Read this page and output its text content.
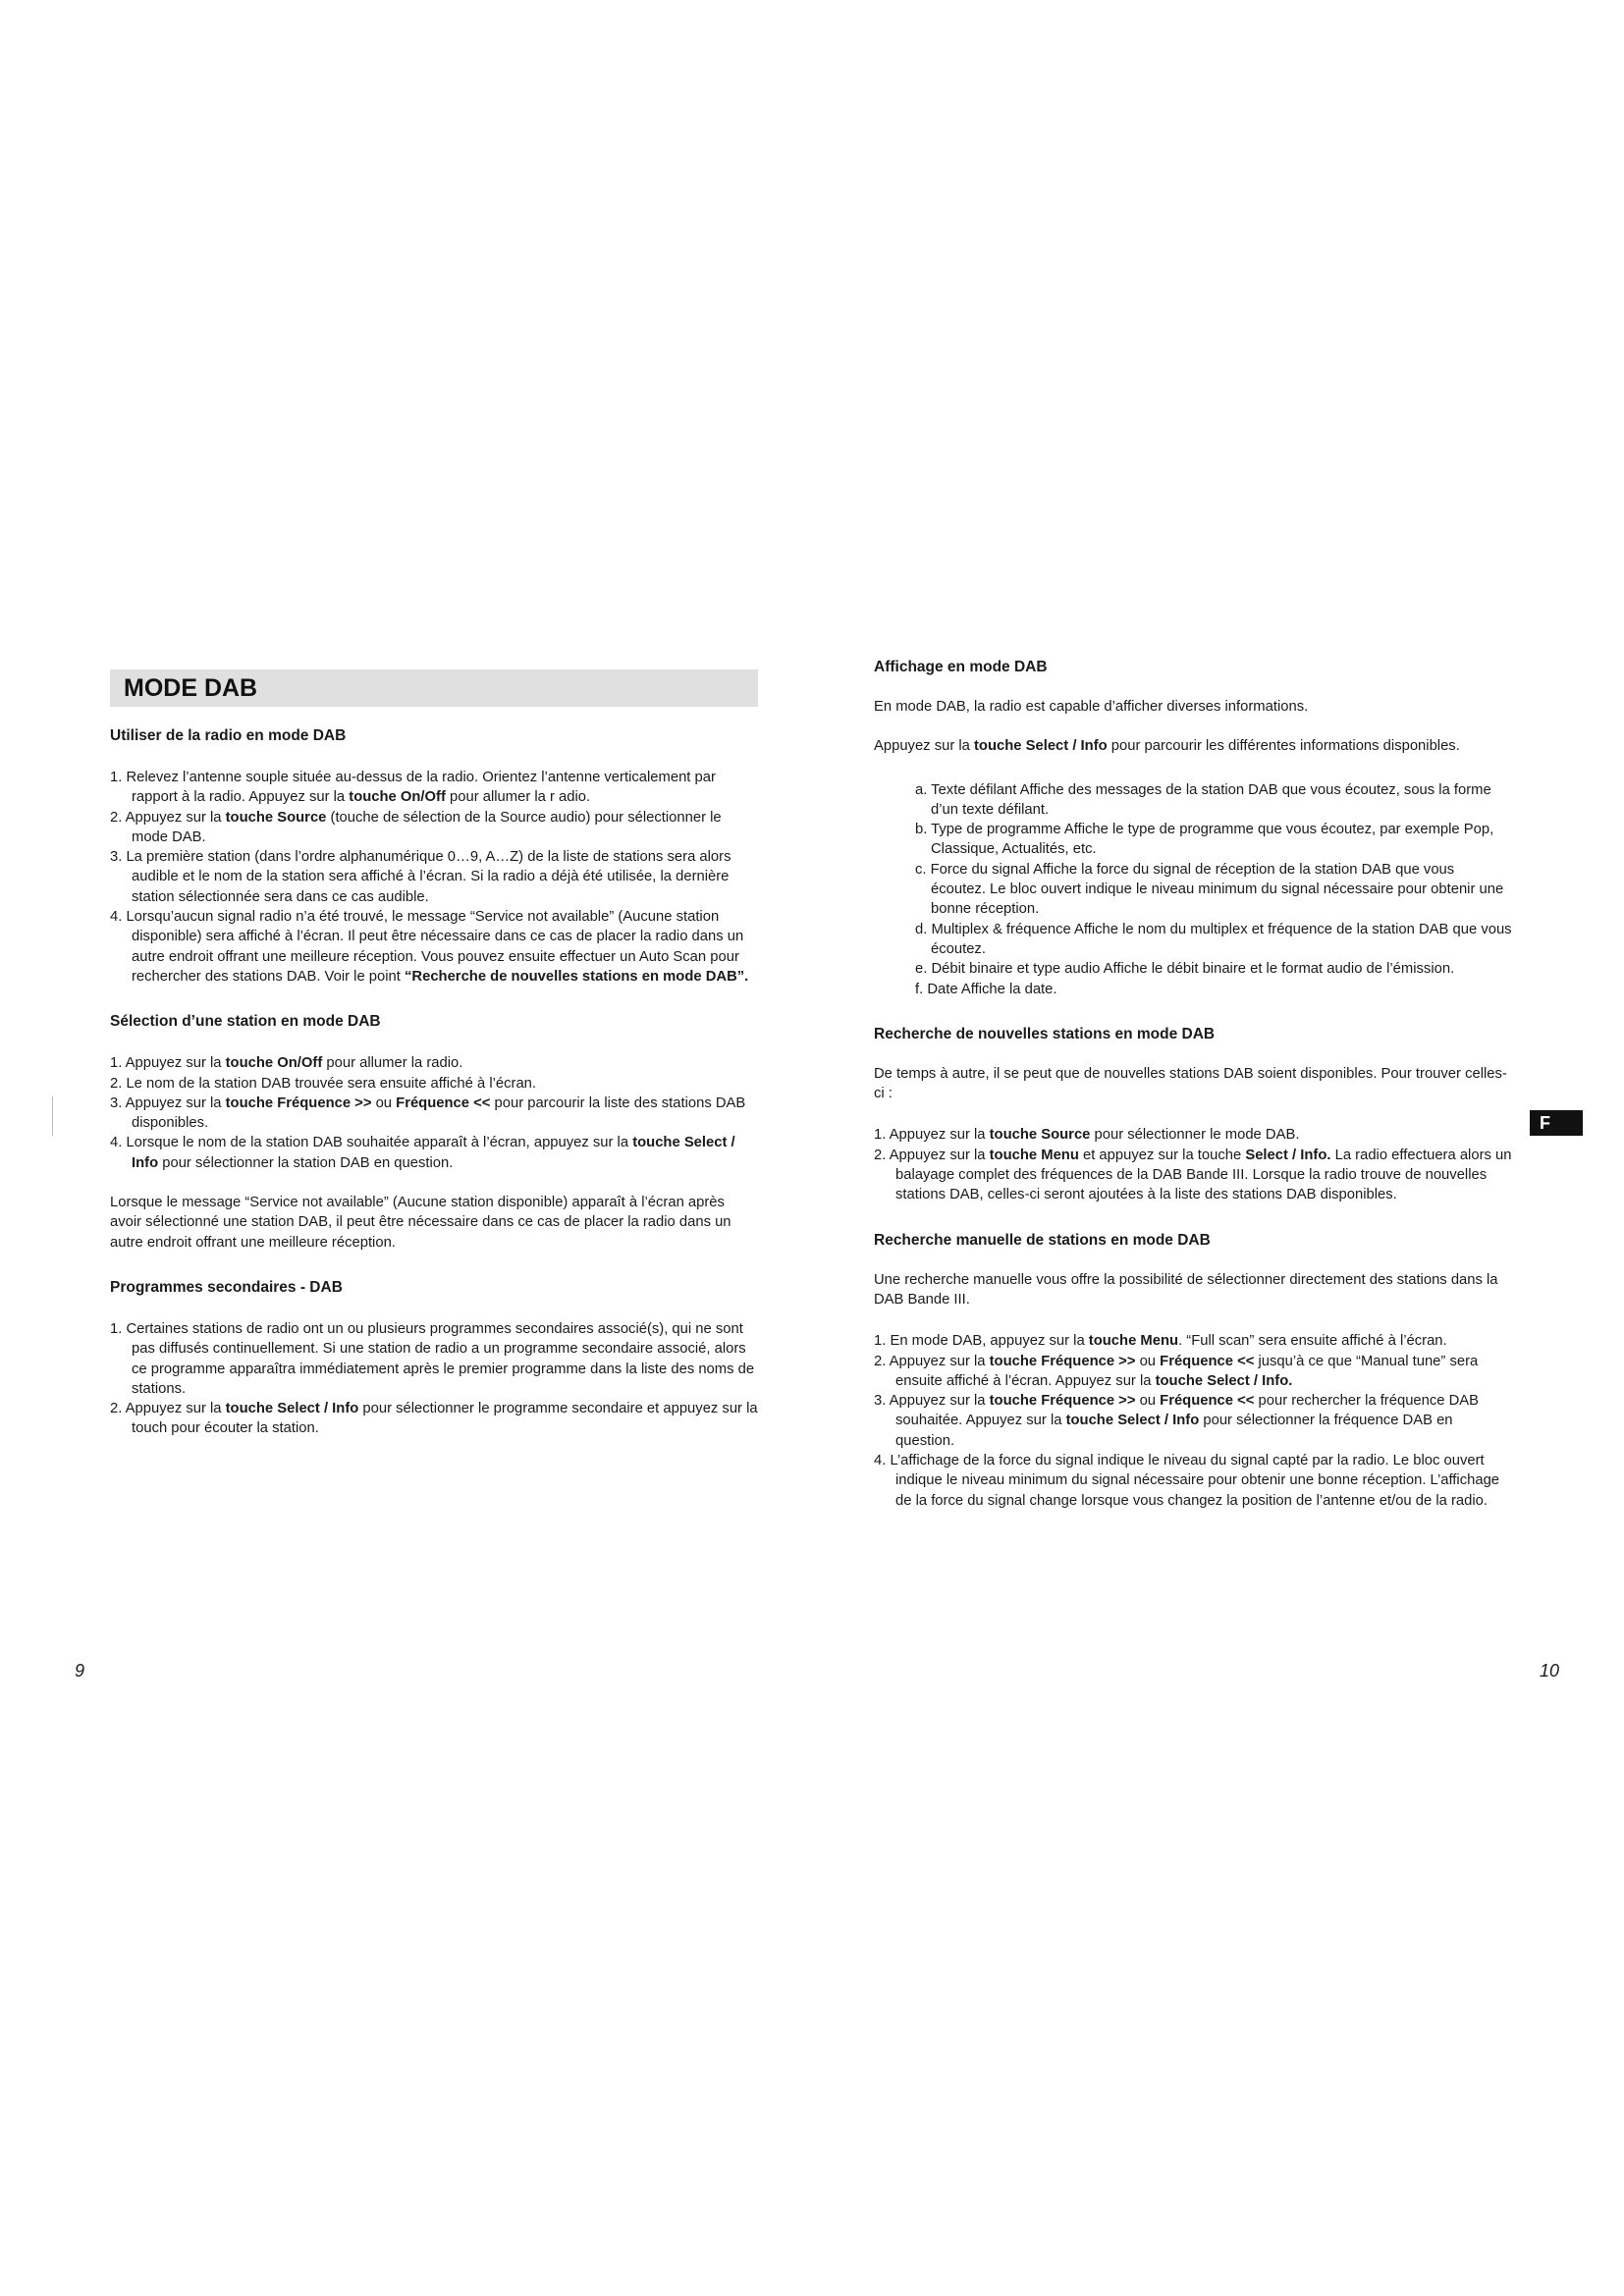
MODE DAB
Utiliser de la radio en mode DAB
1. Relevez l’antenne souple située au-dessus de la radio. Orientez l’antenne verticalement par rapport à la radio. Appuyez sur la touche On/Off pour allumer la r adio.
2. Appuyez sur la touche Source (touche de sélection de la Source audio) pour sélectionner le mode DAB.
3. La première station (dans l’ordre alphanumérique 0…9, A…Z) de la liste de stations sera alors audible et le nom de la station sera affiché à l’écran. Si la radio a déjà été utilisée, la dernière station sélectionnée sera dans ce cas audible.
4. Lorsqu’aucun signal radio n’a été trouvé, le message “Service not available” (Aucune station disponible) sera affiché à l’écran. Il peut être nécessaire dans ce cas de placer la radio dans un autre endroit offrant une meilleure réception. Vous pouvez ensuite effectuer un Auto Scan pour rechercher des stations DAB. Voir le point “Recherche de nouvelles stations en mode DAB”.
Sélection d’une station en mode DAB
1. Appuyez sur la touche On/Off pour allumer la radio.
2. Le nom de la station DAB trouvée sera ensuite affiché à l’écran.
3. Appuyez sur la touche Fréquence >> ou Fréquence << pour parcourir la liste des stations DAB disponibles.
4. Lorsque le nom de la station DAB souhaitée apparaît à l’écran, appuyez sur la touche Select / Info pour sélectionner la station DAB en question.

Lorsque le message “Service not available” (Aucune station disponible) apparaît à l’écran après avoir sélectionné une station DAB, il peut être nécessaire dans ce cas de placer la radio dans un autre endroit offrant une meilleure réception.

Programmes secondaires - DAB
1. Certaines stations de radio ont un ou plusieurs programmes secondaires associé(s), qui ne sont pas diffusés continuellement. Si une station de radio a un programme secondaire associé, alors ce programme apparaîtra immédiatement après le premier programme dans la liste des noms de stations.
2. Appuyez sur la touche Select / Info pour sélectionner le programme secondaire et appuyez sur la touch pour écouter la station.
Affichage en mode DAB

En mode DAB, la radio est capable d’afficher diverses informations.

Appuyez sur la touche Select / Info pour parcourir les différentes informations disponibles.

a. Texte défilant Affiche des messages de la station DAB que vous écoutez, sous la forme d’un texte défilant.
b. Type de programme Affiche le type de programme que vous écoutez, par exemple Pop, Classique, Actualités, etc.
c. Force du signal Affiche la force du signal de réception de la station DAB que vous écoutez. Le bloc ouvert indique le niveau minimum du signal nécessaire pour obtenir une bonne réception.
d. Multiplex & fréquence Affiche le nom du multiplex et fréquence de la station DAB que vous écoutez.
e. Débit binaire et type audio Affiche le débit binaire et le format audio de l’émission.
f. Date Affiche la date.
Recherche de nouvelles stations en mode DAB

De temps à autre, il se peut que de nouvelles stations DAB soient disponibles. Pour trouver celles-ci :

1. Appuyez sur la touche Source pour sélectionner le mode DAB.
2. Appuyez sur la touche Menu et appuyez sur la touche Select / Info. La radio effectuera alors un balayage complet des fréquences de la DAB Bande III. Lorsque la radio trouve de nouvelles stations DAB, celles-ci seront ajoutées à la liste des stations DAB disponibles.
Recherche manuelle de stations en mode DAB

Une recherche manuelle vous offre la possibilité de sélectionner directement des stations dans la DAB Bande III.

1. En mode DAB, appuyez sur la touche Menu. “Full scan” sera ensuite affiché à l’écran.
2. Appuyez sur la touche Fréquence >> ou Fréquence << jusqu’à ce que “Manual tune” sera ensuite affiché à l’écran. Appuyez sur la touche Select / Info.
3. Appuyez sur la touche Fréquence >> ou Fréquence << pour rechercher la fréquence DAB souhaitée. Appuyez sur la touche Select / Info pour sélectionner la fréquence DAB en question.
4. L’affichage de la force du signal indique le niveau du signal capté par la radio. Le bloc ouvert indique le niveau minimum du signal nécessaire pour obtenir une bonne réception. L’affichage de la force du signal change lorsque vous changez la position de l’antenne et/ou de la radio.
F
9	10
